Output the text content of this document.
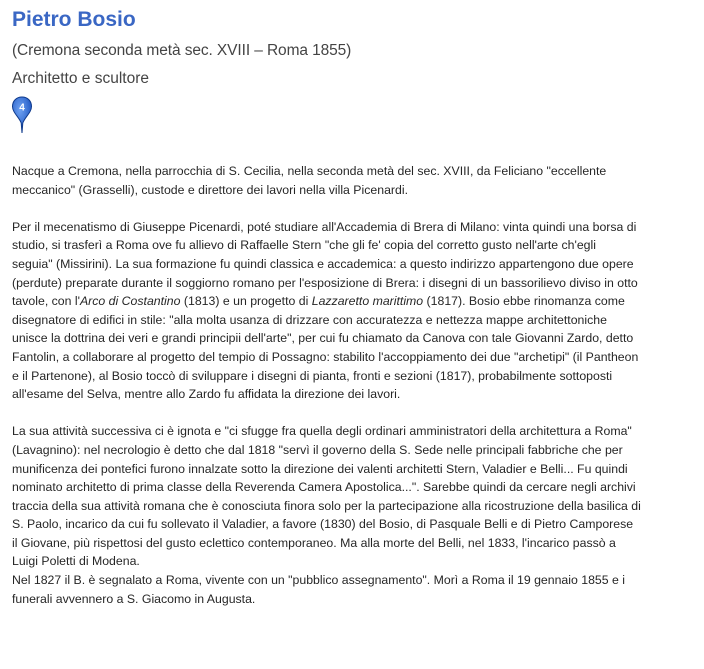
Pietro Bosio

(Cremona seconda metà sec. XVIII – Roma 1855)

Architetto e scultore

4

Nacque a Cremona, nella parrocchia di S. Cecilia, nella seconda metà del sec. XVIII, da Feliciano "eccellente
meccanico" (Grasselli), custode e direttore dei lavori nella villa Picenardi.

Per il mecenatismo di Giuseppe Picenardi, poté studiare all'Accademia di Brera di Milano: vinta quindi una borsa di
studio, si trasferì a Roma ove fu allievo di Raffaelle Stern "che gli fe' copia del corretto gusto nell'arte ch'egli
seguia" (Missirini). La sua formazione fu quindi classica e accademica: a questo indirizzo appartengono due opere
(perdute) preparate durante il soggiorno romano per l'esposizione di Brera: i disegni di un bassorilievo diviso in otto
tavole, con l'Arco di Costantino (1813) e un progetto di Lazzaretto marittimo (1817). Bosio ebbe rinomanza come
disegnatore di edifici in stile: "alla molta usanza di drizzare con accuratezza e nettezza mappe architettoniche
unisce la dottrina dei veri e grandi principii dell'arte", per cui fu chiamato da Canova con tale Giovanni Zardo, detto
Fantolin, a collaborare al progetto del tempio di Possagno: stabilito l'accoppiamento dei due "archetipi" (il Pantheon
e il Partenone), al Bosio toccò di sviluppare i disegni di pianta, fronti e sezioni (1817), probabilmente sottoposti
all'esame del Selva, mentre allo Zardo fu affidata la direzione dei lavori.

La sua attività successiva ci è ignota e "ci sfugge fra quella degli ordinari amministratori della architettura a Roma"
(Lavagnino): nel necrologio è detto che dal 1818 "servì il governo della S. Sede nelle principali fabbriche che per
munificenza dei pontefici furono innalzate sotto la direzione dei valenti architetti Stern, Valadier e Belli... Fu quindi
nominato architetto di prima classe della Reverenda Camera Apostolica...". Sarebbe quindi da cercare negli archivi
traccia della sua attività romana che è conosciuta finora solo per la partecipazione alla ricostruzione della basilica di
S. Paolo, incarico da cui fu sollevato il Valadier, a favore (1830) del Bosio, di Pasquale Belli e di Pietro Camporese
il Giovane, più rispettosi del gusto eclettico contemporaneo. Ma alla morte del Belli, nel 1833, l'incarico passò a
Luigi Poletti di Modena.
Nel 1827 il B. è segnalato a Roma, vivente con un "pubblico assegnamento". Morì a Roma il 19 gennaio 1855 e i
funerali avvennero a S. Giacomo in Augusta.
